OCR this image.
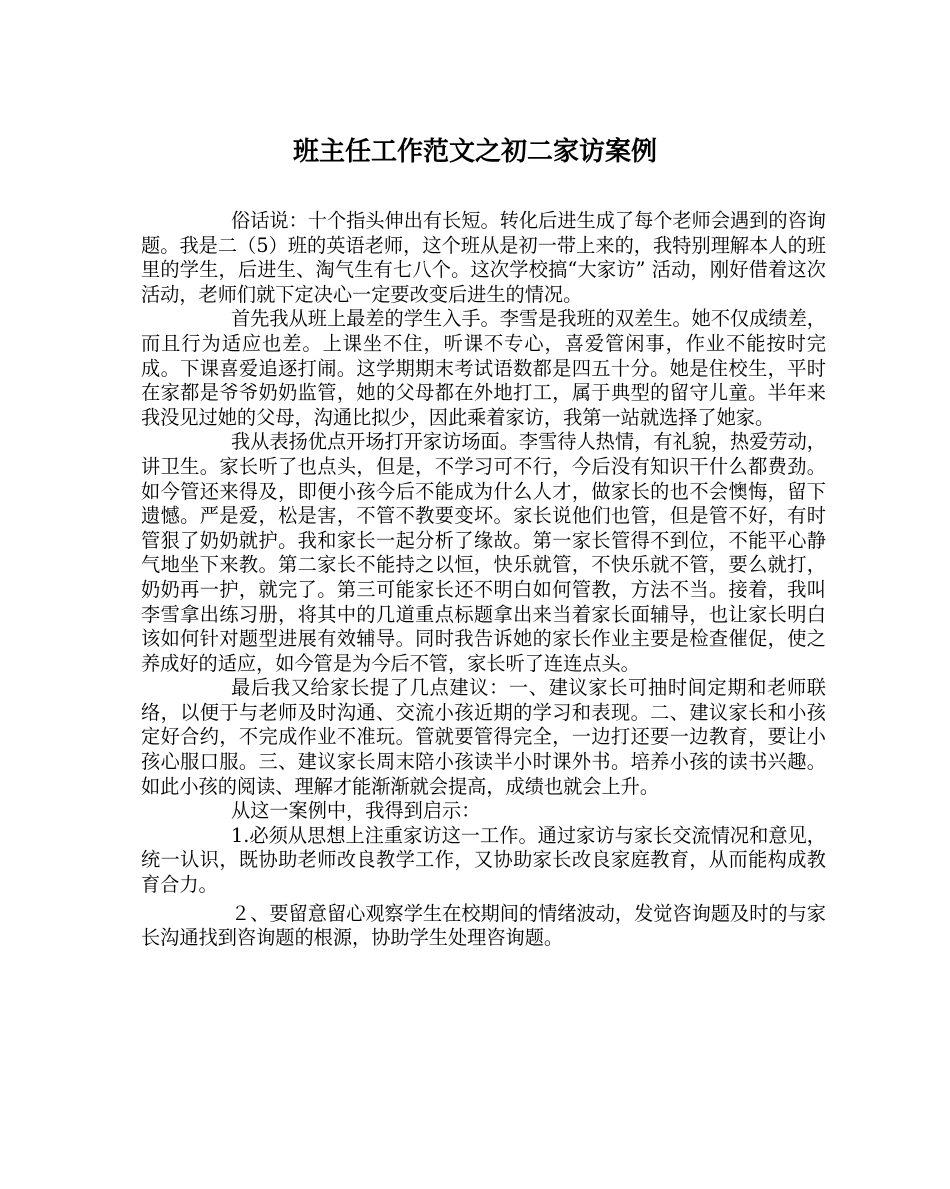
班主任工作范文之初二家访案例

俗话说：十个指头伸出有长短。转化后进生成了每个老师会遇到的咨询题。我是二（5）班的英语老师，这个班从是初一带上来的，我特别理解本人的班里的学生，后进生、淘气生有七八个。这次学校搞“大家访” 活动，刚好借着这次活动，老师们就下定决心一定要改变后进生的情况。

首先我从班上最差的学生入手。李雪是我班的双差生。她不仅成绩差，而且行为适应也差。上课坐不住，听课不专心，喜爱管闲事，作业不能按时完成。下课喜爱追逐打闹。这学期期末考试语数都是四五十分。她是住校生，平时在家都是爷爷奶奶监管，她的父母都在外地打工，属于典型的留守儿童。半年来我没见过她的父母，沟通比拟少，因此乘着家访，我第一站就选择了她家。

我从表扬优点开场打开家访场面。李雪待人热情，有礼貌，热爱劳动，讲卫生。家长听了也点头，但是，不学习可不行，今后没有知识干什么都费劲。如今管还来得及，即便小孩今后不能成为什么人才，做家长的也不会懊悔，留下遗憾。严是爱，松是害，不管不教要变坏。家长说他们也管，但是管不好，有时管狠了奶奶就护。我和家长一起分析了缘故。第一家长管得不到位，不能平心静气地坐下来教。第二家长不能持之以恒，快乐就管，不快乐就不管，要么就打，奶奶再一护，就完了。第三可能家长还不明白如何管教，方法不当。接着，我叫李雪拿出练习册，将其中的几道重点标题拿出来当着家长面辅导，也让家长明白该如何针对题型进展有效辅导。同时我告诉她的家长作业主要是检查催促，使之养成好的适应，如今管是为今后不管，家长听了连连点头。

最后我又给家长提了几点建议：一、建议家长可抽时间定期和老师联络，以便于与老师及时沟通、交流小孩近期的学习和表现。二、建议家长和小孩定好合约，不完成作业不准玩。管就要管得完全，一边打还要一边教育，要让小孩心服口服。三、建议家长周末陪小孩读半小时课外书。培养小孩的读书兴趣。如此小孩的阅读、理解才能渐渐就会提高，成绩也就会上升。

从这一案例中，我得到启示：

1.必须从思想上注重家访这一工作。通过家访与家长交流情况和意见，统一认识，既协助老师改良教学工作，又协助家长改良家庭教育，从而能构成教育合力。

２、要留意留心观察学生在校期间的情绪波动，发觉咨询题及时的与家长沟通找到咨询题的根源，协助学生处理咨询题。
